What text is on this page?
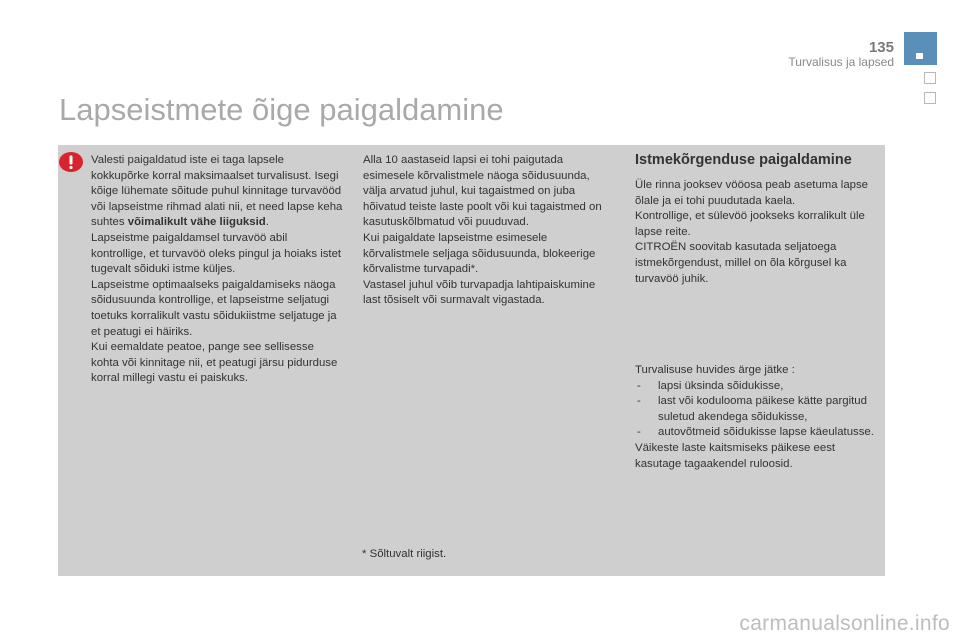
135
Turvalisus ja lapsed
Lapseistmete õige paigaldamine

Valesti paigaldatud iste ei taga lapsele kokkupõrke korral maksimaalset turvalisust. Isegi kõige lühemate sõitude puhul kinnitage turvavööd või lapseistme rihmad alati nii, et need lapse keha suhtes võimalikult vähe liiguksid.

Lapseistme paigaldamsel turvavöö abil kontrollige, et turvavöö oleks pingul ja hoiaks istet tugevalt sõiduki istme küljes.

Lapseistme optimaalseks paigaldamiseks näoga sõidusuunda kontrollige, et lapseistme seljatugi toetuks korralikult vastu sõidukiistme seljatuge ja et peatugi ei häiriks.

Kui eemaldate peatoe, pange see sellisesse kohta või kinnitage nii, et peatugi järsu pidurduse korral millegi vastu ei paiskuks.

Alla 10 aastaseid lapsi ei tohi paigutada esimesele kõrvalistmele näoga sõidusuunda, välja arvatud juhul, kui tagaistmed on juba hõivatud teiste laste poolt või kui tagaistmed on kasutuskõlbmatud või puuduvad.

Kui paigaldate lapseistme esimesele kõrvalistmele seljaga sõidusuunda, blokeerige kõrvalistme turvapadi*.

Vastasel juhul võib turvapadja lahtipaiskumine last tõsiselt või surmavalt vigastada.

Istmekõrgenduse paigaldamine

Üle rinna jooksev vööosa peab asetuma lapse õlale ja ei tohi puudutada kaela.

Kontrollige, et sülevöö jookseks korralikult üle lapse reite.

CITROËN soovitab kasutada seljatoega istmekõrgendust, millel on õla kõrgusel ka turvavöö juhik.

Turvalisuse huvides ärge jätke :

- lapsi üksinda sõidukisse,
- last või kodulooma päikese kätte pargitud suletud akendega sõidukisse,
- autovõtmeid sõidukisse lapse käeulatusse.

Väikeste laste kaitsmiseks päikese eest kasutage tagaakendel ruloosid.

* Sõltuvalt riigist.
carmanualsonline.info
